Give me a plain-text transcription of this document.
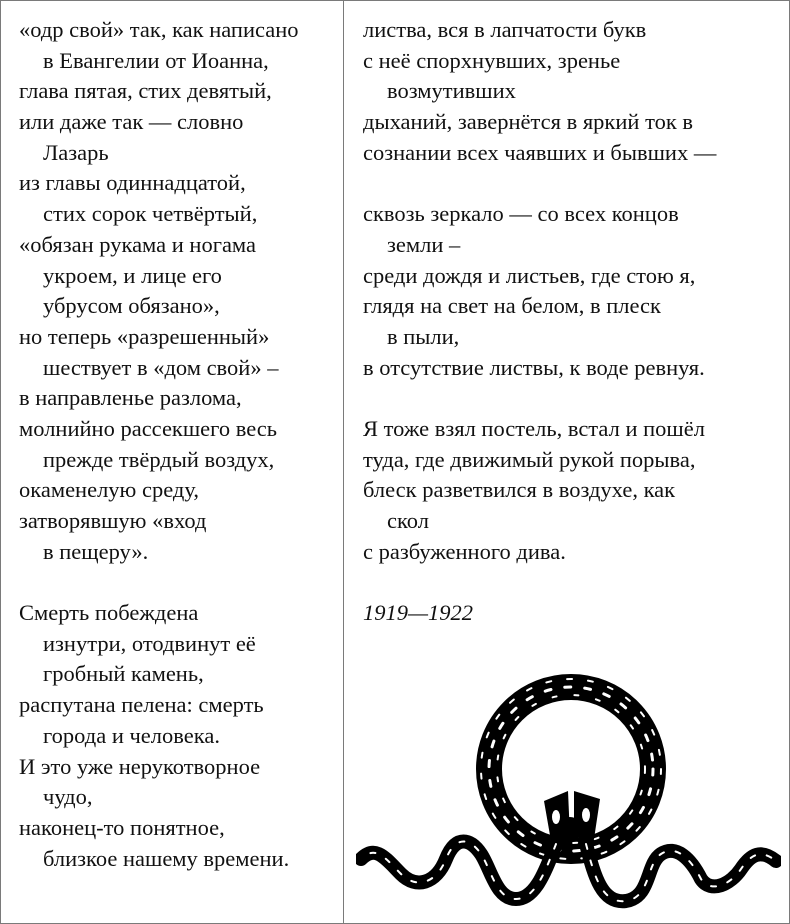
«одр свой» так, как написано
в Евангелии от Иоанна,
глава пятая, стих девятый,
или даже так — словно
Лазарь
из главы одиннадцатой,
стих сорок четвёртый,
«обязан рукама и ногама
укроем, и лице его
убрусом обязано»,
но теперь «разрешенный»
шествует в «дом свой» –
в направленье разлома,
молнийно рассекшего весь
прежде твёрдый воздух,
окаменелую среду,
затворявшую «вход
в пещеру».
Смерть побеждена
изнутри, отодвинут её
гробный камень,
распутана пелена: смерть
города и человека.
И это уже нерукотворное
чудо,
наконец-то понятное,
близкое нашему времени.
листва, вся в лапчатости букв
с неё спорхнувших, зренье
возмутивших
дыханий, завернётся в яркий ток в
сознании всех чаявших и бывших —
сквозь зеркало — со всех концов
земли –
среди дождя и листьев, где стою я,
глядя на свет на белом, в плеск
в пыли,
в отсутствие листвы, к воде ревнуя.
Я тоже взял постель, встал и пошёл
туда, где движимый рукой порыва,
блеск разветвился в воздухе, как
скол
с разбуженного дива.
1919—1922
